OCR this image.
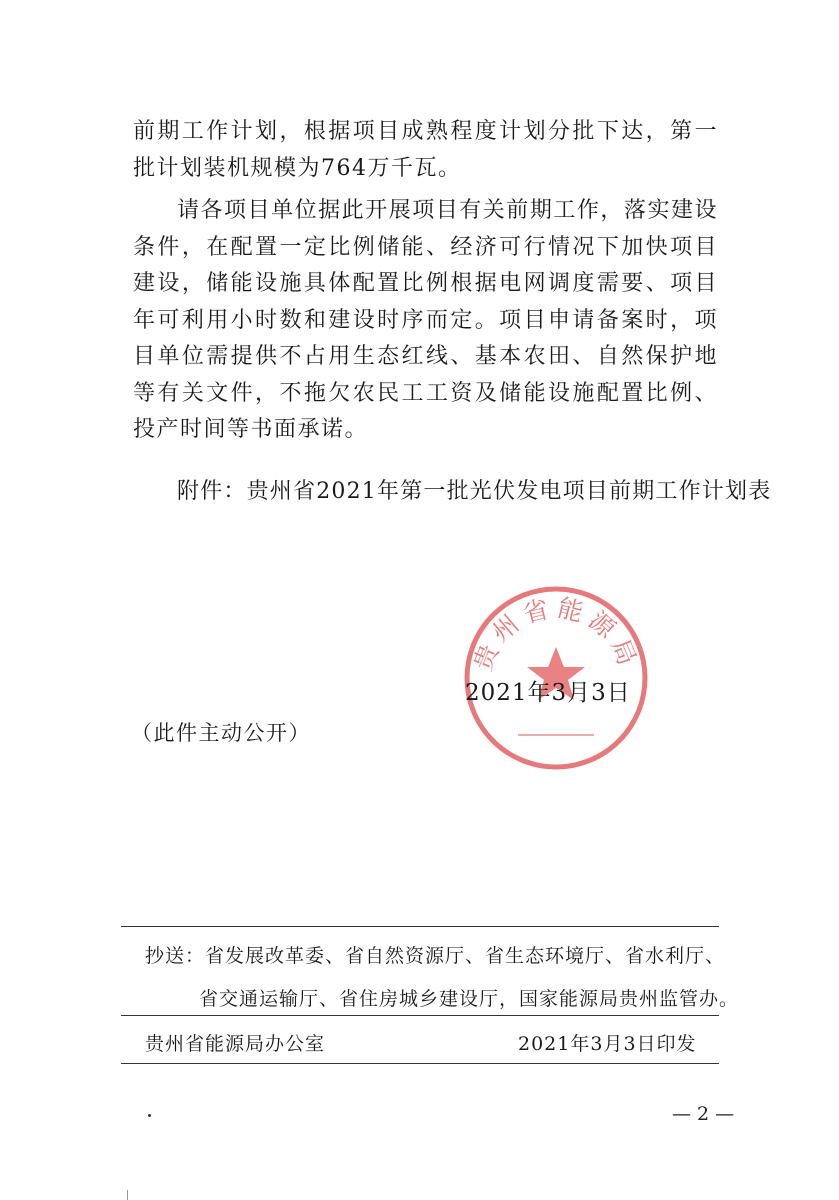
前期工作计划，根据项目成熟程度计划分批下达，第一批计划装机规模为764万千瓦。

请各项目单位据此开展项目有关前期工作，落实建设条件，在配置一定比例储能、经济可行情况下加快项目建设，储能设施具体配置比例根据电网调度需要、项目年可利用小时数和建设时序而定。项目申请备案时，项目单位需提供不占用生态红线、基本农田、自然保护地等有关文件，不拖欠农民工工资及储能设施配置比例、投产时间等书面承诺。

附件：贵州省2021年第一批光伏发电项目前期工作计划表
贵州省能源局
2021年3月3日
（此件主动公开）
抄送：省发展改革委、省自然资源厅、省生态环境厅、省水利厅、
省交通运输厅、省住房城乡建设厅，国家能源局贵州监管办。
贵州省能源局办公室	2021年3月3日印发
— 2 —
